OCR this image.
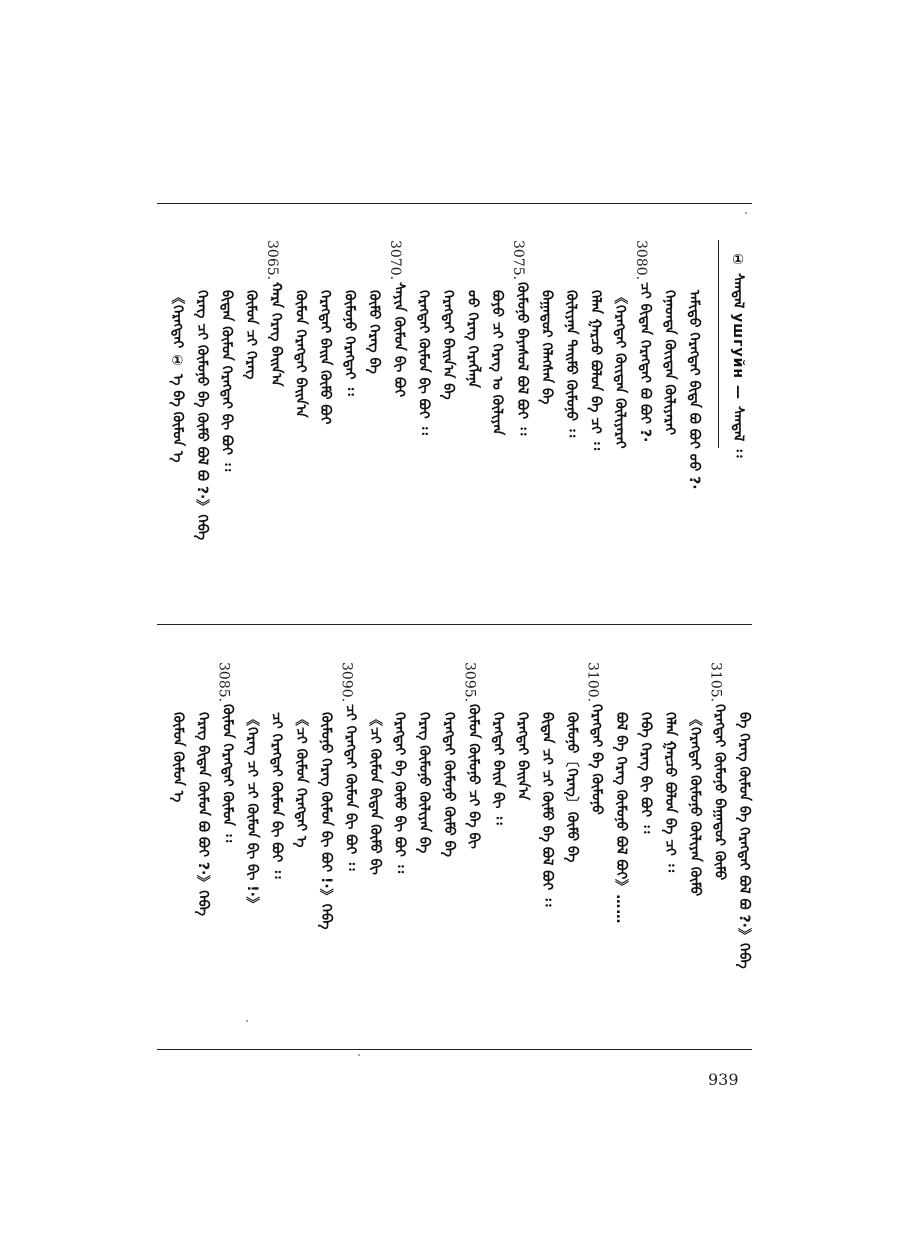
① ᠰᠠᠨᠳᠠᠯ ушгуйн — ᠰᠠᠨᠳᠠᠯ ᠄᠄
ᠠᠮᠢᠳᠤ ᠬᠡᠷᠡᠭᠲᠡᠢ ᠪᠢᠳᠡ ᠪᠤ ᠪᠤᠢ ᠤᠤ ?·
ᠭᠡᠨᠡᠳᠲᠡ ᠬᠦᠢᠲᠡᠨ ᠬᠦᠯᠢᠶᠡᠷᠡᠢ
ᠴᠢ ᠪᠢᠳᠡᠨ ᠬᠡᠷᠡᠭᠲᠡᠢ ᠪᠤ ᠪᠤᠢ ?·
3080.
《ᠬᠡᠷᠡᠭᠲᠡᠢ ᠬᠦᠢᠲᠡᠨ ᠬᠦᠯᠢᠶᠡᠷᠡᠢ
ᠬᠡᠯᠡᠨ ᠭᠠᠷᠴᠤ ᠪᠤᠯᠤᠨ ᠪᠠ ᠴᠢ ᠄᠄
ᠬᠦᠯᠢᠶᠡᠨᠡ ᠲᠡᠢᠮᠦ ᠬᠦᠮᠦᠨᠦ ᠄᠄
ᠪᠠᠭᠠᠳᠤᠷ ᠬᠡᠯᠡᠭᠰᠡᠨ ᠪᠠ
ᠬᠦᠮᠦᠨᠦ ᠪᠠᠶᠠᠰᠤᠯ ᠪᠤᠯ ᠪᠤᠢ ᠄᠄
3075.
ᠪᠤᠶᠤ ᠴᠢ ᠬᠡᠷᠡᠭ ᠤ ᠬᠦᠯᠢᠶᠡᠨ
ᠤᠤ ᠬᠡᠷᠡᠭ ᠬᠡᠷᠡᠭᠯᠡᠨᠡ
ᠬᠡᠷᠡᠭᠲᠡᠢ ᠪᠠᠢᠨ᠎ᠠ ᠪᠠ
ᠬᠡᠷᠡᠭᠲᠡᠢ ᠬᠦᠮᠦᠨ ᠪᠢ ᠪᠤᠢ ᠄᠄
ᠰᠠᠶᠢᠨ ᠬᠦᠮᠦᠨ ᠪᠢ ᠪᠤᠢ
3070.
ᠬᠦᠮᠦ ᠬᠡᠷᠡᠭ ᠪᠠ
ᠬᠦᠮᠦᠨᠦ ᠬᠡᠷᠡᠭᠲᠡᠢ ᠄᠄
ᠬᠡᠷᠡᠭᠲᠡᠢ ᠪᠠᠢᠨ ᠬᠦᠮᠦ ᠪᠤᠢ
ᠬᠦᠮᠦᠨ ᠬᠡᠷᠡᠭᠲᠡᠢ ᠪᠠᠢᠨ᠎ᠠ
ᠬᠠᠷᠠ ᠬᠡᠷᠡᠭ ᠪᠠᠢᠨ᠎ᠠ
3065.
ᠬᠦᠮᠦᠨ ᠴᠢ ᠬᠡᠷᠡᠭ
ᠪᠢᠳᠡᠨ ᠬᠦᠮᠦᠨ ᠬᠡᠷᠡᠭᠲᠡᠢ ᠪᠢ ᠪᠤᠢ ᠄᠄
ᠬᠡᠷᠡᠭ ᠴᠢ ᠬᠦᠮᠦᠨᠦ ᠪᠠ ᠬᠦᠮᠦ ᠪᠤᠯ ᠪᠤ ?·》ᠭᠡᠪᠡ
《ᠬᠡᠷᠡᠭᠲᠡᠢ ① ᠡ ᠪᠠ ᠬᠦᠮᠦᠨ ᠡ
ᠪᠠ ᠬᠡᠷᠡᠭ ᠬᠦᠮᠦᠨ ᠪᠠ ᠬᠡᠷᠡᠭᠲᠡᠢ ᠪᠤᠯ ᠪᠤ ?·》ᠭᠡᠪᠡ
ᠬᠡᠷᠡᠭᠲᠡᠢ ᠬᠦᠮᠦᠨᠦ ᠪᠠᠭᠠᠳᠤᠷ ᠬᠦᠮᠦ
3105.
《ᠬᠡᠷᠡᠭᠲᠡᠢ ᠬᠦᠮᠦᠨᠦ ᠬᠦᠯᠢᠶᠡᠨ ᠬᠦᠮᠦ
ᠬᠡᠯᠡᠨ ᠭᠠᠷᠴᠤ ᠪᠤᠯᠤᠨ ᠪᠠ ᠴᠢ ᠄᠄
ᠭᠡᠪᠡ ᠬᠡᠷᠡᠭ ᠪᠢ ᠪᠤᠢ ᠄᠄
ᠪᠤᠯ ᠪᠠ ᠬᠡᠷᠡᠭ ᠬᠦᠮᠦᠨᠦ ᠪᠤᠯ ᠪᠤᠢ》……
ᠬᠡᠷᠡᠭᠲᠡᠢ ᠪᠠ ᠬᠦᠮᠦᠨᠦ
3100.
ᠬᠦᠮᠦᠨᠦ〔ᠬᠡᠷᠡᠭ〕ᠬᠦᠮᠦ ᠪᠠ
ᠪᠢᠳᠡᠨ ᠴᠢ ᠴᠢ ᠬᠦᠮᠦ ᠪᠠ ᠪᠤᠯ ᠪᠤᠢ ᠄᠄
ᠬᠡᠷᠡᠭᠲᠡᠢ ᠪᠠᠢᠨ᠎ᠠ
ᠬᠡᠷᠡᠭᠲᠡᠢ ᠪᠠᠢᠨ ᠪᠢ ᠄᠄
ᠬᠦᠮᠦᠨ ᠬᠦᠮᠦᠨᠦ ᠴᠢ ᠪᠠ ᠪᠢ
3095.
ᠬᠡᠷᠡᠭᠲᠡᠢ ᠬᠦᠮᠦᠨᠦ ᠬᠦᠮᠦ ᠪᠠ
ᠬᠡᠷᠡᠭ ᠬᠦᠮᠦᠨᠦ ᠬᠦᠯᠢᠶᠡᠨ ᠪᠠ
ᠬᠡᠷᠡᠭᠲᠡᠢ ᠪᠠ ᠬᠦᠮᠦ ᠪᠢ ᠪᠤᠢ ᠄᠄
《ᠴᠢ ᠬᠦᠮᠦᠨ ᠪᠢᠳᠡᠨ ᠬᠦᠮᠦ ᠪᠢ
ᠴᠢ ᠬᠡᠷᠡᠭᠲᠡᠢ ᠬᠦᠮᠦᠨ ᠪᠢ ᠪᠤᠢ ᠄᠄
3090.
ᠬᠦᠮᠦᠨᠦ ᠬᠡᠷᠡᠭ ᠬᠦᠮᠦᠨ ᠪᠢ ᠪᠤᠢ !·》ᠭᠡᠪᠡ
《ᠴᠢ ᠬᠦᠮᠦᠨ ᠬᠡᠷᠡᠭᠲᠡᠢ ᠡ
ᠴᠢ ᠬᠡᠷᠡᠭᠲᠡᠢ ᠬᠦᠮᠦᠨ ᠪᠢ ᠪᠤᠢ ᠄᠄
《ᠬᠡᠷᠡᠭ ᠴᠢ ᠴᠢ ᠬᠦᠮᠦᠨ ᠪᠢ ᠪᠢ !·》
ᠬᠦᠮᠦᠨ ᠬᠡᠷᠡᠭᠲᠡᠢ ᠬᠦᠮᠦᠨ ᠄᠄
3085.
ᠬᠡᠷᠡᠭ ᠪᠢᠳᠡᠨ ᠬᠦᠮᠦᠨ ᠪᠤ ᠪᠤᠢ ?·》ᠭᠡᠪᠡ
ᠬᠦᠮᠦᠨ ᠬᠦᠮᠦᠨ ᠡ
939
